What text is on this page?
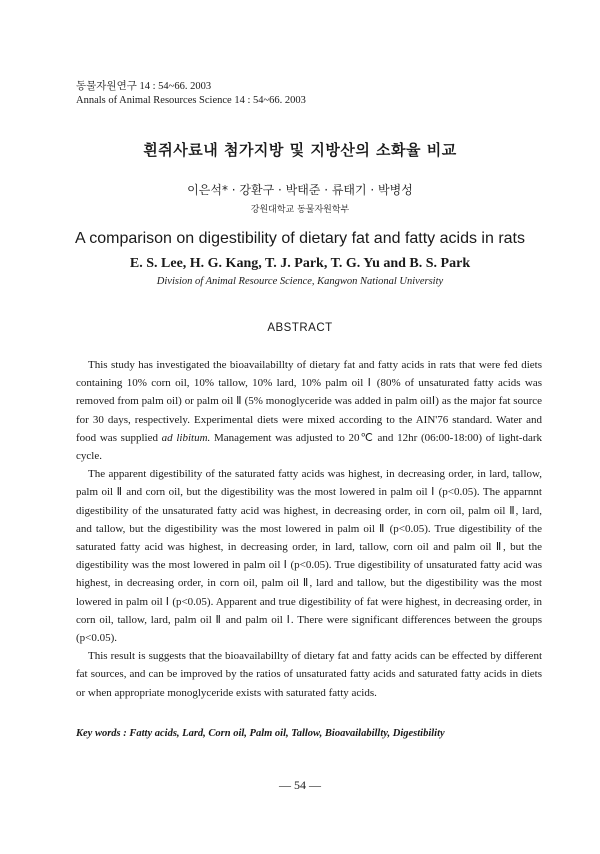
동물자원연구 14 : 54~66. 2003
Annals of Animal Resources Science 14 : 54~66. 2003
흰쥐사료내 첨가지방 및 지방산의 소화율 비교
이은석* · 강환구 · 박태준 · 류태기 · 박병성
강원대학교 동물자원학부
A comparison on digestibility of dietary fat and fatty acids in rats
E. S. Lee, H. G. Kang, T. J. Park, T. G. Yu and B. S. Park
Division of Animal Resource Science, Kangwon National University
ABSTRACT

This study has investigated the bioavailabillty of dietary fat and fatty acids in rats that were fed diets containing 10% corn oil, 10% tallow, 10% lard, 10% palm oil Ⅰ (80% of unsaturated fatty acids was removed from palm oil) or palm oil Ⅱ (5% monoglyceride was added in palm oilⅠ) as the major fat source for 30 days, respectively. Experimental diets were mixed according to the AIN'76 standard. Water and food was supplied ad libitum. Management was adjusted to 20℃ and 12hr (06:00-18:00) of light-dark cycle.

The apparent digestibility of the saturated fatty acids was highest, in decreasing order, in lard, tallow, palm oil Ⅱ and corn oil, but the digestibility was the most lowered in palm oil Ⅰ (p<0.05). The apparnnt digestibility of the unsaturated fatty acid was highest, in decreasing order, in corn oil, palm oil Ⅱ, lard, and tallow, but the digestibility was the most lowered in palm oil Ⅱ (p<0.05). True digestibility of the saturated fatty acid was highest, in decreasing order, in lard, tallow, corn oil and palm oil Ⅱ, but the digestibility was the most lowered in palm oil Ⅰ (p<0.05). True digestibility of unsaturated fatty acid was highest, in decreasing order, in corn oil, palm oil Ⅱ, lard and tallow, but the digestibility was the most lowered in palm oil Ⅰ (p<0.05). Apparent and true digestibility of fat were highest, in decreasing order, in corn oil, tallow, lard, palm oil Ⅱ and palm oil Ⅰ. There were significant differences between the groups (p<0.05).

This result is suggests that the bioavailabillty of dietary fat and fatty acids can be effected by different fat sources, and can be improved by the ratios of unsaturated fatty acids and saturated fatty acids in diets or when appropriate monoglyceride exists with saturated fatty acids.

Key words : Fatty acids, Lard, Corn oil, Palm oil, Tallow, Bioavailabillty, Digestibility
― 54 ―
